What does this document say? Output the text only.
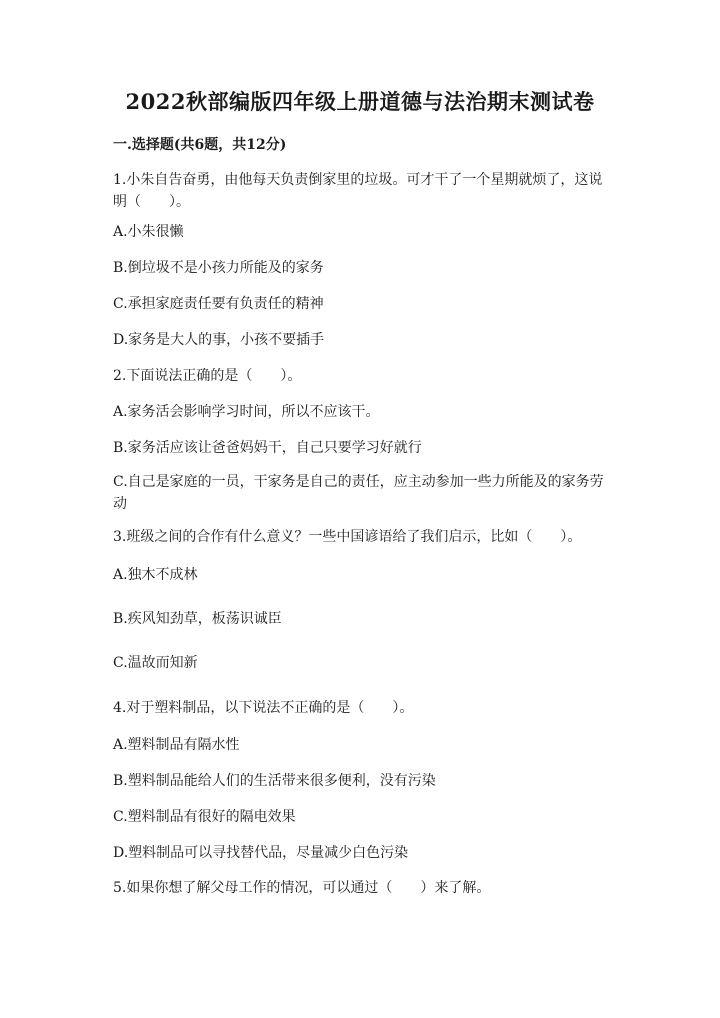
2022秋部编版四年级上册道德与法治期末测试卷
一.选择题(共6题，共12分)
1.小朱自告奋勇，由他每天负责倒家里的垃圾。可才干了一个星期就烦了，这说明（　　）。
A.小朱很懒
B.倒垃圾不是小孩力所能及的家务
C.承担家庭责任要有负责任的精神
D.家务是大人的事，小孩不要插手
2.下面说法正确的是（　　）。
A.家务活会影响学习时间，所以不应该干。
B.家务活应该让爸爸妈妈干，自己只要学习好就行
C.自己是家庭的一员，干家务是自己的责任，应主动参加一些力所能及的家务劳动
3.班级之间的合作有什么意义？一些中国谚语给了我们启示，比如（　　）。
A.独木不成林
B.疾风知劲草，板荡识诚臣
C.温故而知新
4.对于塑料制品，以下说法不正确的是（　　）。
A.塑料制品有隔水性
B.塑料制品能给人们的生活带来很多便利，没有污染
C.塑料制品有很好的隔电效果
D.塑料制品可以寻找替代品，尽量减少白色污染
5.如果你想了解父母工作的情况，可以通过（　　）来了解。
